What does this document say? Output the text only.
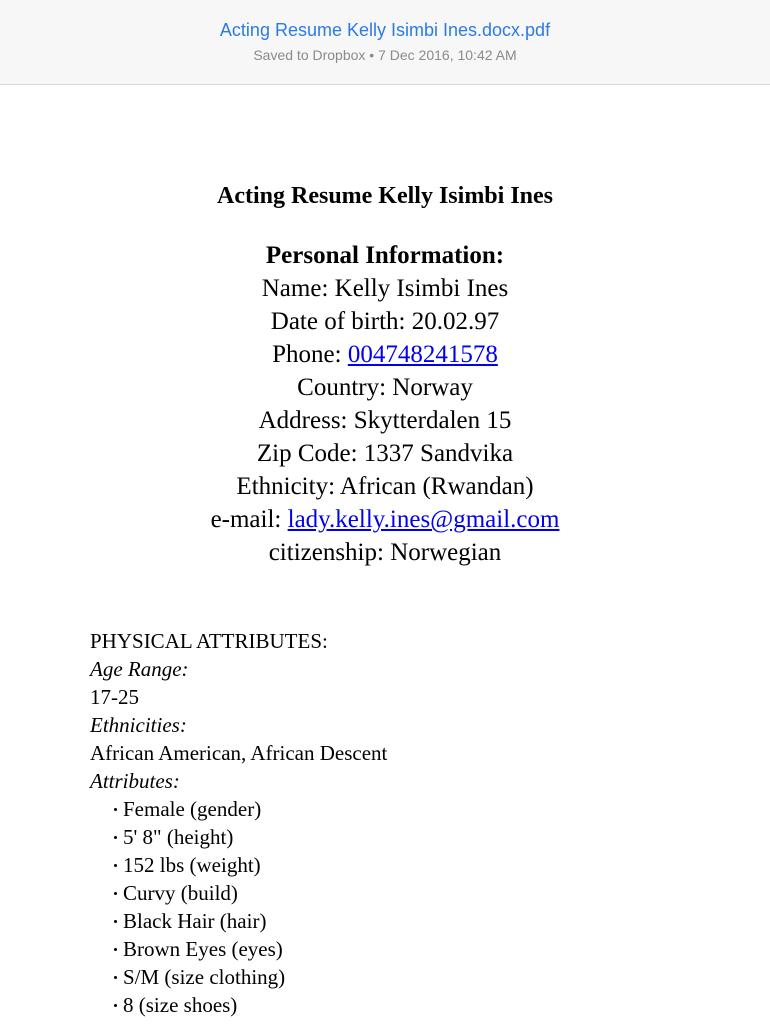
Acting Resume Kelly Isimbi Ines.docx.pdf
Saved to Dropbox • 7 Dec 2016, 10:42 AM
Acting Resume Kelly Isimbi Ines
Personal Information:
Name: Kelly Isimbi Ines
Date of birth: 20.02.97
Phone: 004748241578
Country: Norway
Address: Skytterdalen 15
Zip Code: 1337 Sandvika
Ethnicity: African (Rwandan)
e-mail: lady.kelly.ines@gmail.com
citizenship: Norwegian
PHYSICAL ATTRIBUTES:
Age Range:
17-25
Ethnicities:
African American, African Descent
Attributes:
Female (gender)
5' 8" (height)
152 lbs (weight)
Curvy (build)
Black Hair (hair)
Brown Eyes (eyes)
S/M (size clothing)
8 (size shoes)
